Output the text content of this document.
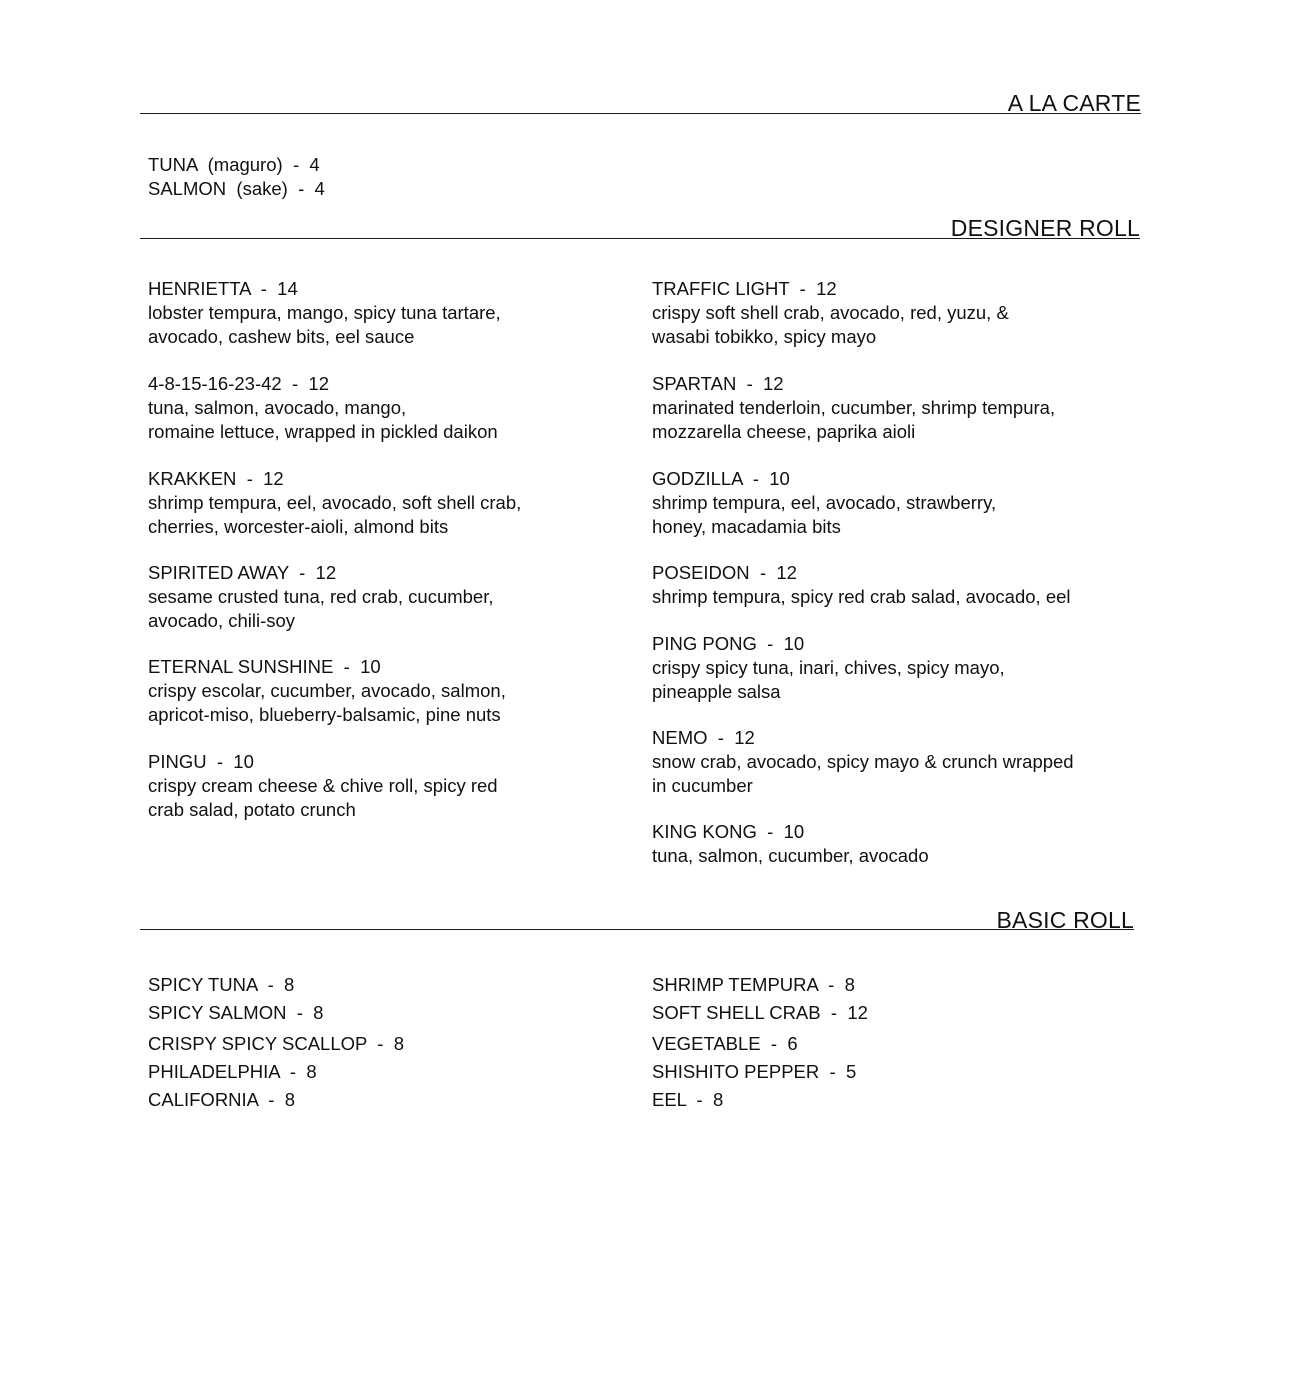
A LA CARTE
TUNA  (maguro)  -  4
SALMON  (sake)  -  4
DESIGNER ROLL
HENRIETTA  -  14
lobster tempura, mango, spicy tuna tartare,
avocado, cashew bits, eel sauce
4-8-15-16-23-42  -  12
tuna, salmon, avocado, mango,
romaine lettuce, wrapped in pickled daikon
KRAKKEN  -  12
shrimp tempura, eel, avocado, soft shell crab,
cherries, worcester-aioli, almond bits
SPIRITED AWAY  -  12
sesame crusted tuna, red crab, cucumber,
avocado, chili-soy
ETERNAL SUNSHINE  -  10
crispy escolar, cucumber, avocado, salmon,
apricot-miso, blueberry-balsamic, pine nuts
PINGU  -  10
crispy cream cheese & chive roll, spicy red
crab salad, potato crunch
TRAFFIC LIGHT  -  12
crispy soft shell crab, avocado, red, yuzu, &
wasabi tobikko, spicy mayo
SPARTAN  -  12
marinated tenderloin, cucumber, shrimp tempura,
mozzarella cheese, paprika aioli
GODZILLA  -  10
shrimp tempura, eel, avocado, strawberry,
honey, macadamia bits
POSEIDON  -  12
shrimp tempura, spicy red crab salad, avocado, eel
PING PONG  -  10
crispy spicy tuna, inari, chives, spicy mayo,
pineapple salsa
NEMO  -  12
snow crab, avocado, spicy mayo & crunch wrapped
in cucumber
KING KONG  -  10
tuna, salmon, cucumber, avocado
BASIC ROLL
SPICY TUNA  -  8
SPICY SALMON  -  8
CRISPY SPICY SCALLOP  -  8
PHILADELPHIA  -  8
CALIFORNIA  -  8
SHRIMP TEMPURA  -  8
SOFT SHELL CRAB  -  12
VEGETABLE  -  6
SHISHITO PEPPER  -  5
EEL  -  8
